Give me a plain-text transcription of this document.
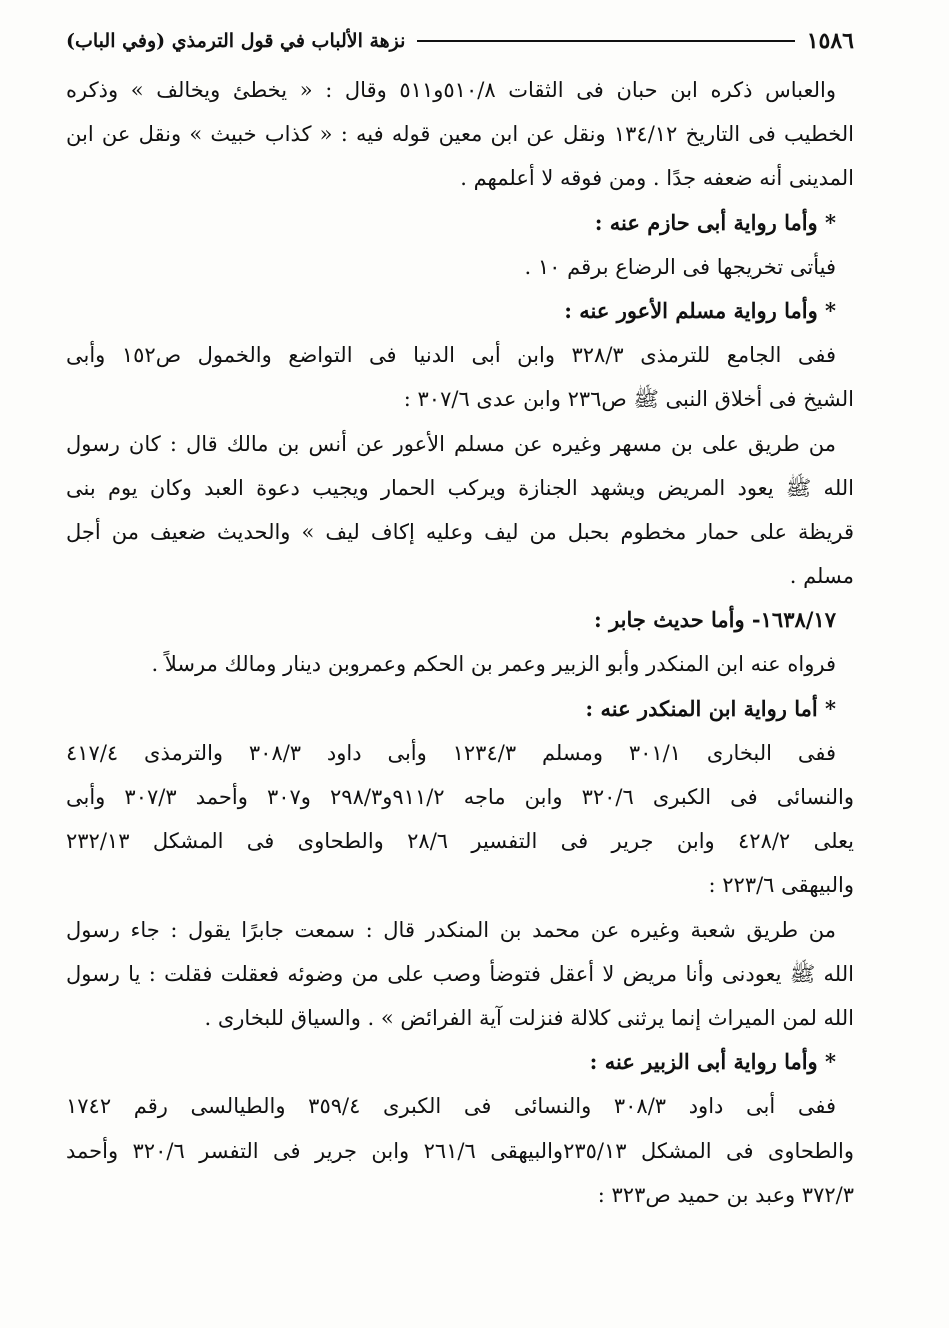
١٥٨٦
نزهة الألباب في قول الترمذي (وفي الباب)
والعباس ذكره ابن حبان فى الثقات ٥١٠/٨و٥١١ وقال : « يخطئ ويخالف » وذكره
الخطيب فى التاريخ ١٣٤/١٢ ونقل عن ابن معين قوله فيه : « كذاب خبيث » ونقل عن ابن
المدينى أنه ضعفه جدًا . ومن فوقه لا أعلمهم .
* وأما رواية أبى حازم عنه :
فيأتى تخريجها فى الرضاع برقم ١٠ .
* وأما رواية مسلم الأعور عنه :
ففى الجامع للترمذى ٣٢٨/٣ وابن أبى الدنيا فى التواضع والخمول ص١٥٢ وأبى
الشيخ فى أخلاق النبى ﷺ ص٢٣٦ وابن عدى ٣٠٧/٦ :
من طريق على بن مسهر وغيره عن مسلم الأعور عن أنس بن مالك قال : كان رسول
الله ﷺ يعود المريض ويشهد الجنازة ويركب الحمار ويجيب دعوة العبد وكان يوم بنى
قريظة على حمار مخطوم بحبل من ليف وعليه إكاف ليف » والحديث ضعيف من أجل
مسلم .
١٦٣٨/١٧- وأما حديث جابر :
فرواه عنه ابن المنكدر وأبو الزبير وعمر بن الحكم وعمروبن دينار ومالك مرسلاً .
* أما رواية ابن المنكدر عنه :
ففى البخارى ٣٠١/١ ومسلم ١٢٣٤/٣ وأبى داود ٣٠٨/٣ والترمذى ٤١٧/٤
والنسائى فى الكبرى ٣٢٠/٦ وابن ماجه ٩١١/٢و٢٩٨/٣ و٣٠٧ وأحمد ٣٠٧/٣ وأبى
يعلى ٤٢٨/٢ وابن جرير فى التفسير ٢٨/٦ والطحاوى فى المشكل ٢٣٢/١٣
والبيهقى ٢٢٣/٦ :
من طريق شعبة وغيره عن محمد بن المنكدر قال : سمعت جابرًا يقول : جاء رسول
الله ﷺ يعودنى وأنا مريض لا أعقل فتوضأ وصب على من وضوئه فعقلت فقلت : يا رسول
الله لمن الميراث إنما يرثنى كلالة فنزلت آية الفرائض » . والسياق للبخارى .
* وأما رواية أبى الزبير عنه :
ففى أبى داود ٣٠٨/٣ والنسائى فى الكبرى ٣٥٩/٤ والطيالسى رقم ١٧٤٢
والطحاوى فى المشكل ٢٣٥/١٣والبيهقى ٢٦١/٦ وابن جرير فى التفسر ٣٢٠/٦ وأحمد
٣٧٢/٣ وعبد بن حميد ص٣٢٣ :
